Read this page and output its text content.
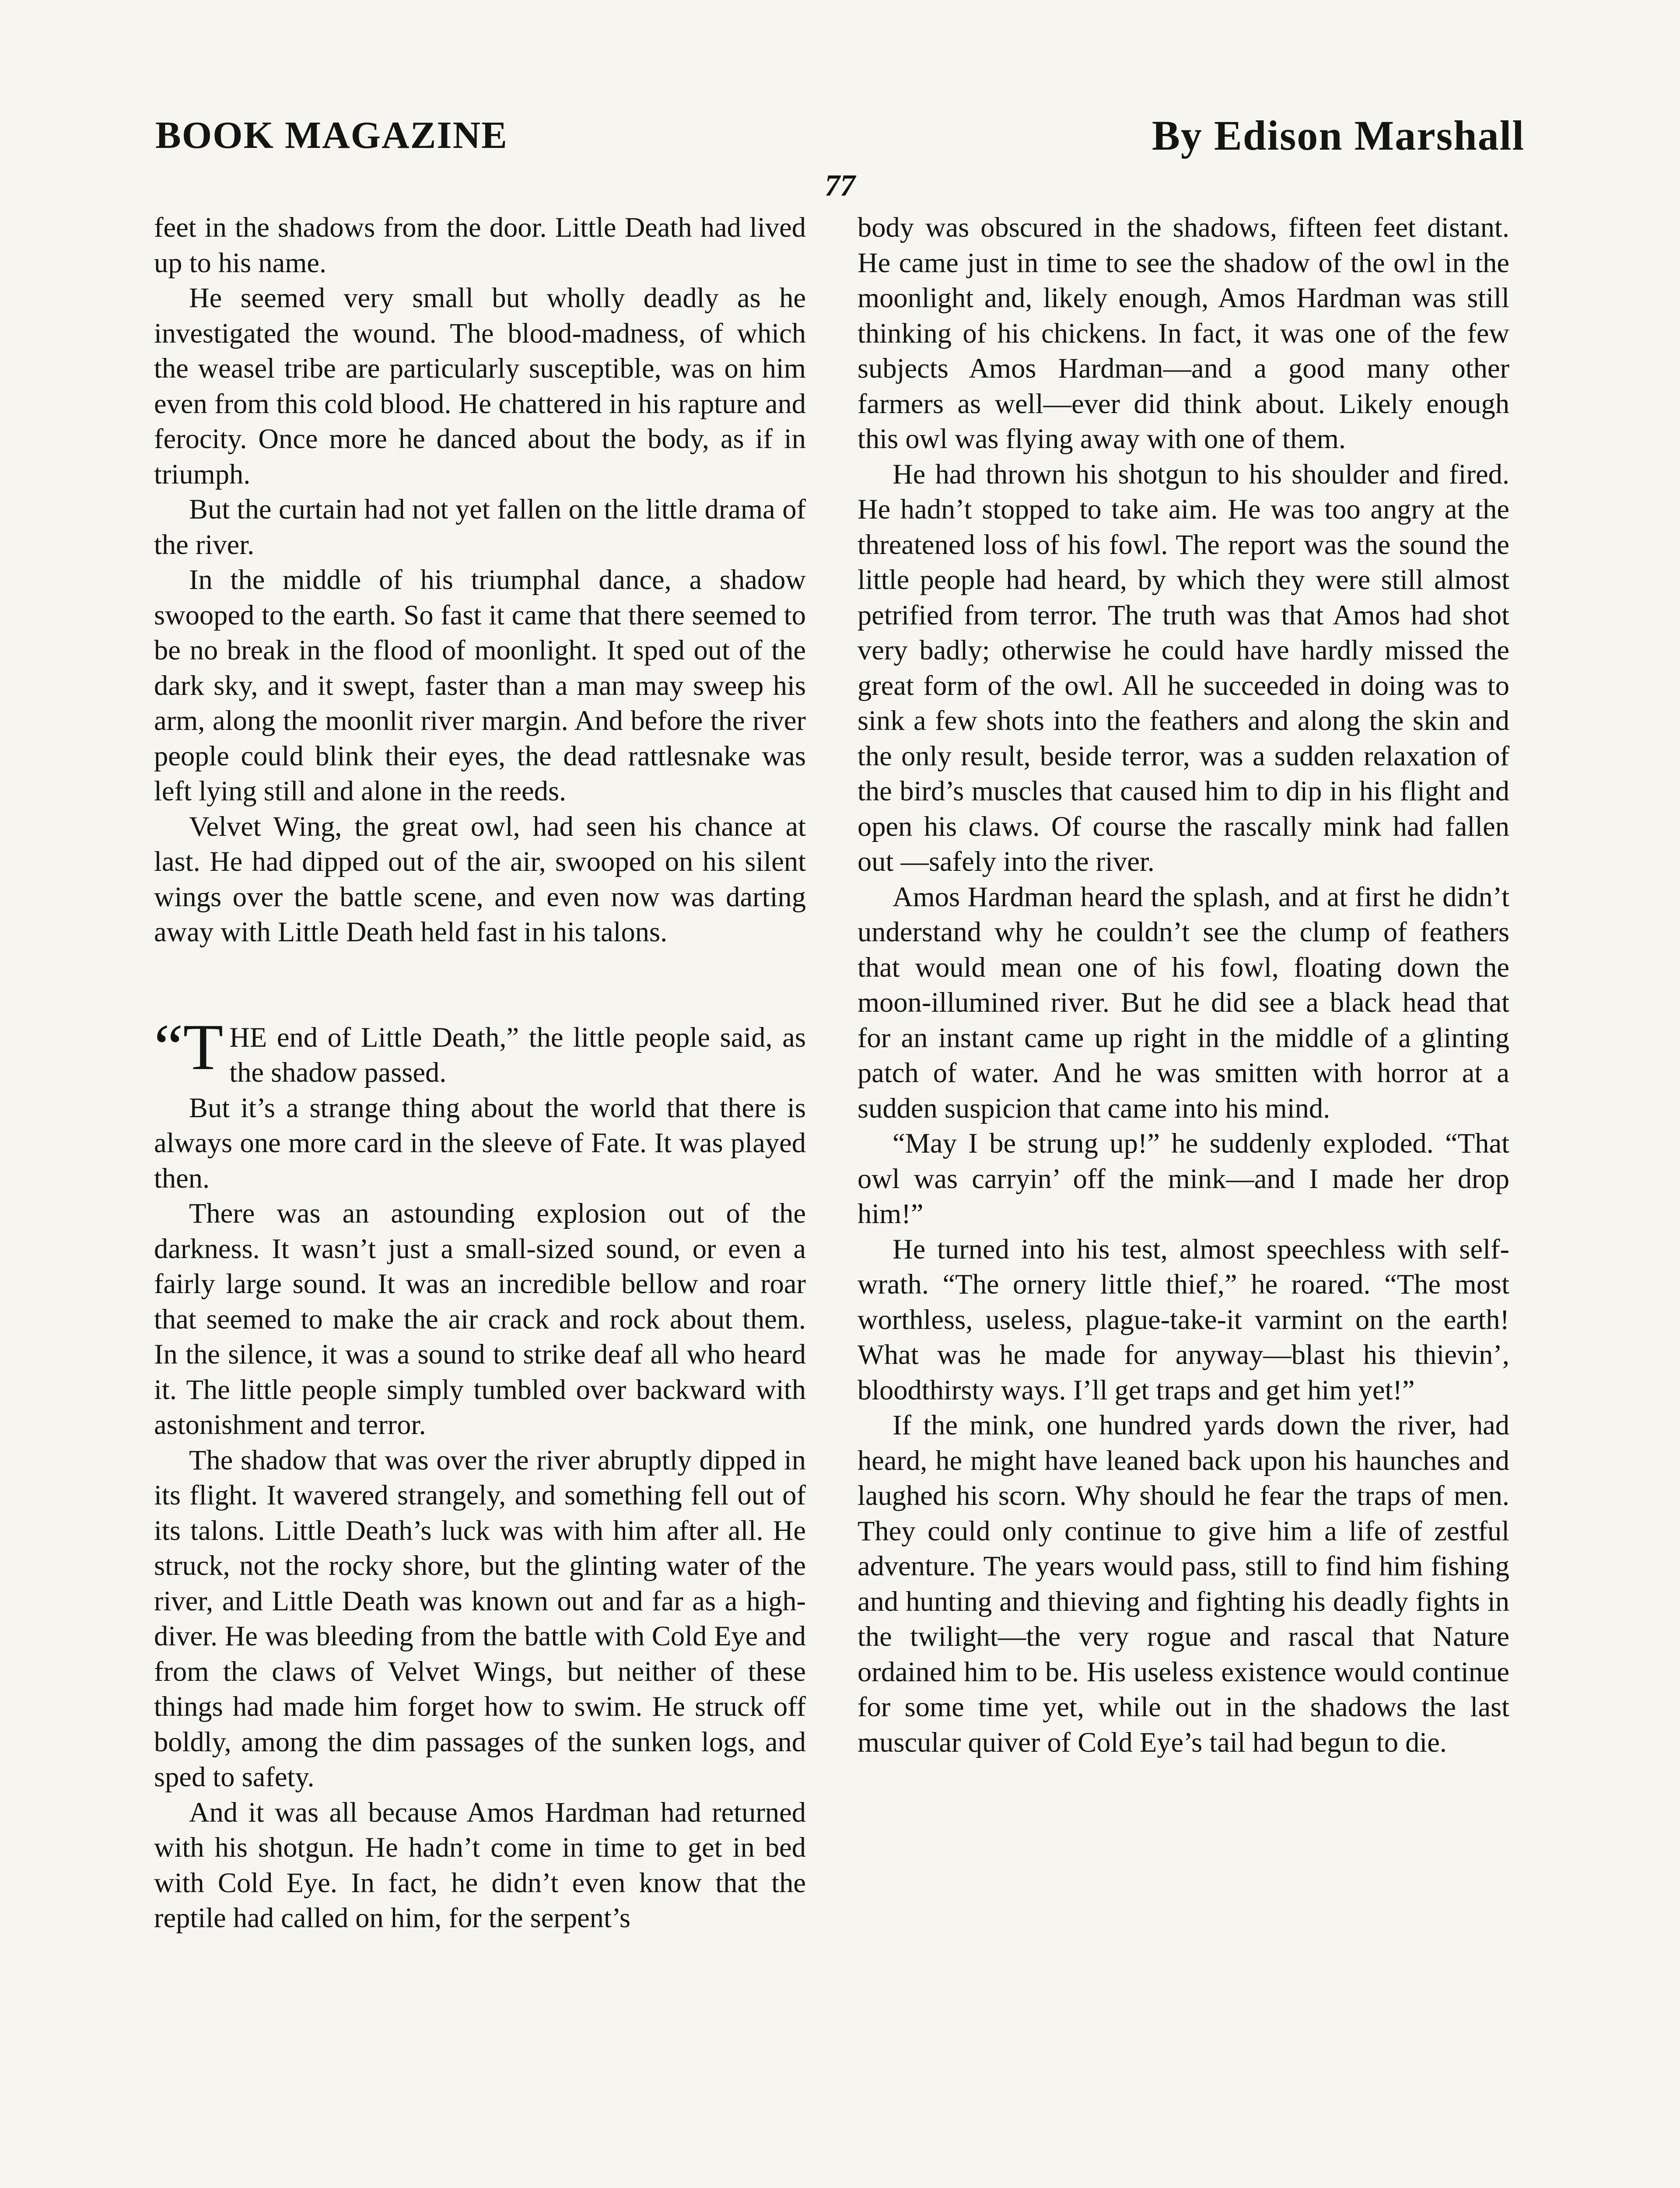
BOOK MAGAZINE	By Edison Marshall
77

feet in the shadows from the door. Little Death had lived up to his name.

He seemed very small but wholly deadly as he investigated the wound. The blood-madness, of which the weasel tribe are particularly susceptible, was on him even from this cold blood. He chattered in his rapture and ferocity. Once more he danced about the body, as if in triumph.

But the curtain had not yet fallen on the little drama of the river.

In the middle of his triumphal dance, a shadow swooped to the earth. So fast it came that there seemed to be no break in the flood of moonlight. It sped out of the dark sky, and it swept, faster than a man may sweep his arm, along the moonlit river margin. And before the river people could blink their eyes, the dead rattlesnake was left lying still and alone in the reeds.

Velvet Wing, the great owl, had seen his chance at last. He had dipped out of the air, swooped on his silent wings over the battle scene, and even now was darting away with Little Death held fast in his talons.

“THE end of Little Death,” the little people said, as the shadow passed.

But it’s a strange thing about the world that there is always one more card in the sleeve of Fate. It was played then.

There was an astounding explosion out of the darkness. It wasn’t just a small-sized sound, or even a fairly large sound. It was an incredible bellow and roar that seemed to make the air crack and rock about them. In the silence, it was a sound to strike deaf all who heard it. The little people simply tumbled over backward with astonishment and terror.

The shadow that was over the river abruptly dipped in its flight. It wavered strangely, and something fell out of its talons. Little Death’s luck was with him after all. He struck, not the rocky shore, but the glinting water of the river, and Little Death was known out and far as a high-diver. He was bleeding from the battle with Cold Eye and from the claws of Velvet Wings, but neither of these things had made him forget how to swim. He struck off boldly, among the dim passages of the sunken logs, and sped to safety.

And it was all because Amos Hardman had returned with his shotgun. He hadn’t come in time to get in bed with Cold Eye. In fact, he didn’t even know that the reptile had called on him, for the serpent’s

body was obscured in the shadows, fifteen feet distant. He came just in time to see the shadow of the owl in the moonlight and, likely enough, Amos Hardman was still thinking of his chickens. In fact, it was one of the few subjects Amos Hardman—and a good many other farmers as well—ever did think about. Likely enough this owl was flying away with one of them.

He had thrown his shotgun to his shoulder and fired. He hadn’t stopped to take aim. He was too angry at the threatened loss of his fowl. The report was the sound the little people had heard, by which they were still almost petrified from terror. The truth was that Amos had shot very badly; otherwise he could have hardly missed the great form of the owl. All he succeeded in doing was to sink a few shots into the feathers and along the skin and the only result, beside terror, was a sudden relaxation of the bird’s muscles that caused him to dip in his flight and open his claws. Of course the rascally mink had fallen out —safely into the river.

Amos Hardman heard the splash, and at first he didn’t understand why he couldn’t see the clump of feathers that would mean one of his fowl, floating down the moon-illumined river. But he did see a black head that for an instant came up right in the middle of a glinting patch of water. And he was smitten with horror at a sudden suspicion that came into his mind.

“May I be strung up!” he suddenly exploded. “That owl was carryin’ off the mink—and I made her drop him!”

He turned into his test, almost speechless with self-wrath. “The ornery little thief,” he roared. “The most worthless, useless, plague-take-it varmint on the earth! What was he made for anyway—blast his thievin’, bloodthirsty ways. I’ll get traps and get him yet!”

If the mink, one hundred yards down the river, had heard, he might have leaned back upon his haunches and laughed his scorn. Why should he fear the traps of men. They could only continue to give him a life of zestful adventure. The years would pass, still to find him fishing and hunting and thieving and fighting his deadly fights in the twilight—the very rogue and rascal that Nature ordained him to be. His useless existence would continue for some time yet, while out in the shadows the last muscular quiver of Cold Eye’s tail had begun to die.
